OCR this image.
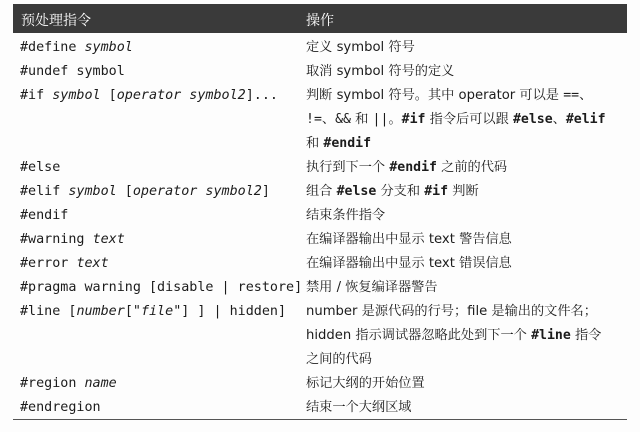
预处理指令	操作
#define symbol	定义 symbol 符号
#undef symbol	取消 symbol 符号的定义
#if symbol [operator symbol2]...	判断 symbol 符号。其中 operator 可以是 ==、
!=、&& 和 ||。#if 指令后可以跟 #else、#elif
和 #endif
#else	执行到下一个 #endif 之前的代码
#elif symbol [operator symbol2]	组合 #else 分支和 #if 判断
#endif	结束条件指令
#warning text	在编译器输出中显示 text 警告信息
#error text	在编译器输出中显示 text 错误信息
#pragma warning [disable | restore] 禁用 / 恢复编译器警告
#line [number["file"] ] | hidden]	number 是源代码的行号；file 是输出的文件名；
hidden 指示调试器忽略此处到下一个 #line 指令
之间的代码
#region name	标记大纲的开始位置
#endregion	结束一个大纲区域
